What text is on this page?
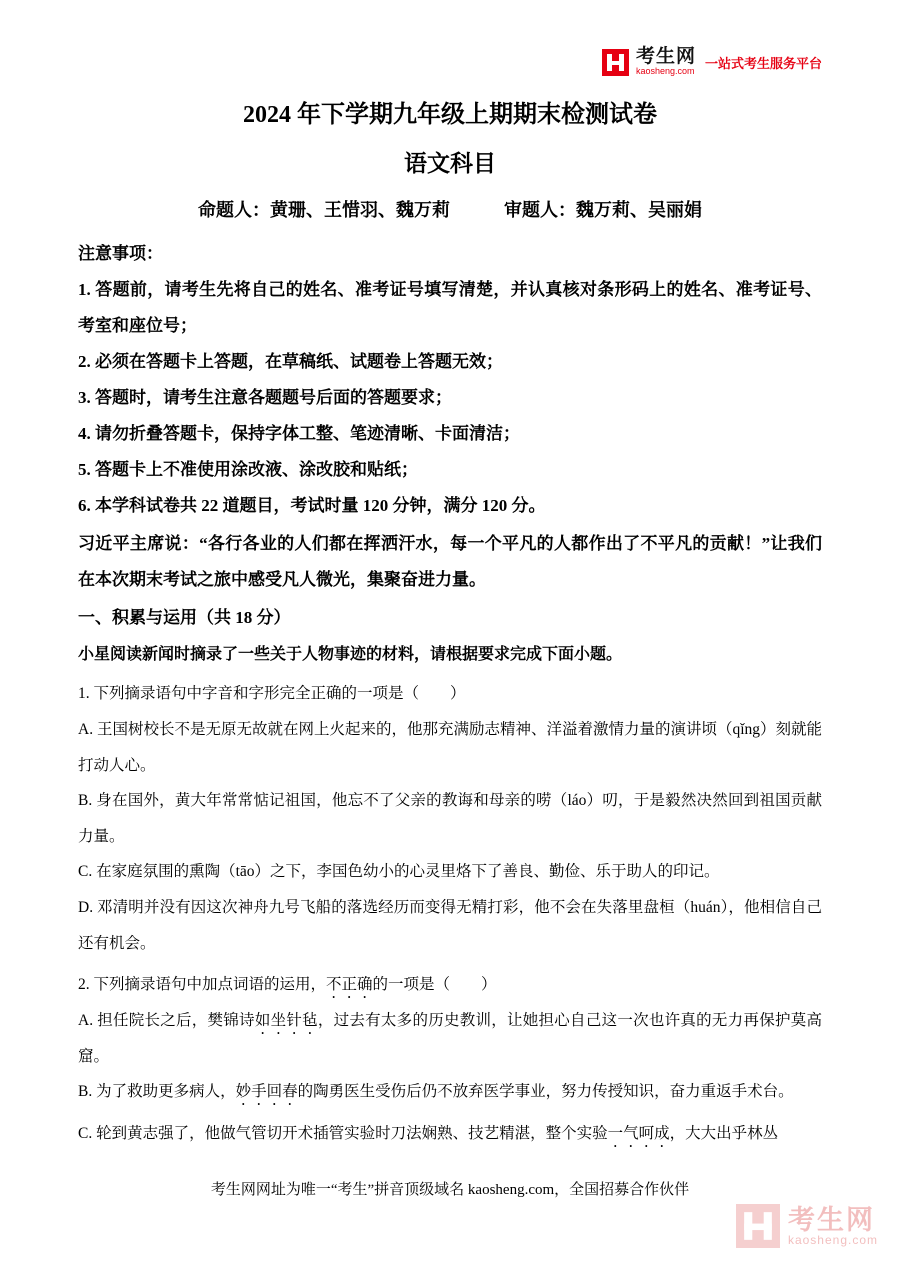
考生网
kaosheng.com
一站式考生服务平台
2024 年下学期九年级上期期末检测试卷
语文科目
命题人：黄珊、王惜羽、魏万莉　　　审题人：魏万莉、吴丽娟
注意事项：
1. 答题前，请考生先将自己的姓名、准考证号填写清楚，并认真核对条形码上的姓名、准考证号、考室和座位号；
2. 必须在答题卡上答题，在草稿纸、试题卷上答题无效；
3. 答题时，请考生注意各题题号后面的答题要求；
4. 请勿折叠答题卡，保持字体工整、笔迹清晰、卡面清洁；
5. 答题卡上不准使用涂改液、涂改胶和贴纸；
6. 本学科试卷共 22 道题目，考试时量 120 分钟，满分 120 分。
习近平主席说：“各行各业的人们都在挥洒汗水，每一个平凡的人都作出了不平凡的贡献！”让我们在本次期末考试之旅中感受凡人微光，集聚奋进力量。
一、积累与运用（共 18 分）
小星阅读新闻时摘录了一些关于人物事迹的材料，请根据要求完成下面小题。
1. 下列摘录语句中字音和字形完全正确的一项是（　　）
A. 王国树校长不是无原无故就在网上火起来的，他那充满励志精神、洋溢着激情力量的演讲顷（qǐng）刻就能打动人心。
B. 身在国外，黄大年常常惦记祖国，他忘不了父亲的教诲和母亲的唠（láo）叨，于是毅然决然回到祖国贡献力量。
C. 在家庭氛围的熏陶（tāo）之下，李国色幼小的心灵里烙下了善良、勤俭、乐于助人的印记。
D. 邓清明并没有因这次神舟九号飞船的落选经历而变得无精打彩，他不会在失落里盘桓（huán），他相信自己还有机会。
2. 下列摘录语句中加点词语的运用，不正确的一项是（　　）
A. 担任院长之后，樊锦诗如坐针毡，过去有太多的历史教训，让她担心自己这一次也许真的无力再保护莫高窟。
B. 为了救助更多病人，妙手回春的陶勇医生受伤后仍不放弃医学事业，努力传授知识，奋力重返手术台。
C. 轮到黄志强了，他做气管切开术插管实验时刀法娴熟、技艺精湛，整个实验一气呵成，大大出乎林丛
考生网网址为唯一“考生”拼音顶级域名 kaosheng.com，全国招募合作伙伴
考生网
kaosheng.com
